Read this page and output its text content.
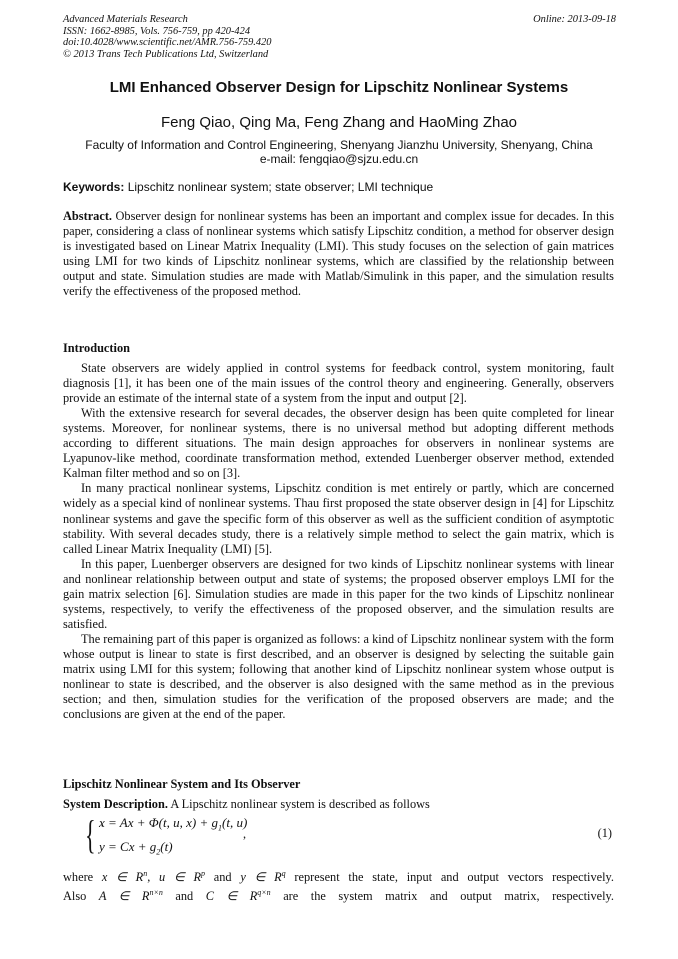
Advanced Materials Research
ISSN: 1662-8985, Vols. 756-759, pp 420-424
doi:10.4028/www.scientific.net/AMR.756-759.420
© 2013 Trans Tech Publications Ltd, Switzerland
Online: 2013-09-18
LMI Enhanced Observer Design for Lipschitz Nonlinear Systems
Feng Qiao, Qing Ma, Feng Zhang and HaoMing Zhao
Faculty of Information and Control Engineering, Shenyang Jianzhu University, Shenyang, China
e-mail: fengqiao@sjzu.edu.cn
Keywords: Lipschitz nonlinear system; state observer; LMI technique

Abstract. Observer design for nonlinear systems has been an important and complex issue for decades. In this paper, considering a class of nonlinear systems which satisfy Lipschitz condition, a method for observer design is investigated based on Linear Matrix Inequality (LMI). This study focuses on the selection of gain matrices using LMI for two kinds of Lipschitz nonlinear systems, which are classified by the relationship between output and state. Simulation studies are made with Matlab/Simulink in this paper, and the simulation results verify the effectiveness of the proposed method.

Introduction

State observers are widely applied in control systems for feedback control, system monitoring, fault diagnosis [1], it has been one of the main issues of the control theory and engineering. Generally, observers provide an estimate of the internal state of a system from the input and output [2].

With the extensive research for several decades, the observer design has been quite completed for linear systems. Moreover, for nonlinear systems, there is no universal method but adopting different methods according to different situations. The main design approaches for observers in nonlinear systems are Lyapunov-like method, coordinate transformation method, extended Luenberger observer method, extended Kalman filter method and so on [3].

In many practical nonlinear systems, Lipschitz condition is met entirely or partly, which are concerned widely as a special kind of nonlinear systems. Thau first proposed the state observer design in [4] for Lipschitz nonlinear systems and gave the specific form of this observer as well as the sufficient condition of asymptotic stability. With several decades study, there is a relatively simple method to select the gain matrix, which is called Linear Matrix Inequality (LMI) [5].

In this paper, Luenberger observers are designed for two kinds of Lipschitz nonlinear systems with linear and nonlinear relationship between output and state of systems; the proposed observer employs LMI for the gain matrix selection [6]. Simulation studies are made in this paper for the two kinds of Lipschitz nonlinear systems, respectively, to verify the effectiveness of the proposed observer, and the simulation results are satisfied.

The remaining part of this paper is organized as follows: a kind of Lipschitz nonlinear system with the form whose output is linear to state is first described, and an observer is designed by selecting the suitable gain matrix using LMI for this system; following that another kind of Lipschitz nonlinear system whose output is nonlinear to state is described, and the observer is also designed with the same method as in the previous section; and then, simulation studies for the verification of the proposed observers are made; and the conclusions are given at the end of the paper.

Lipschitz Nonlinear System and Its Observer

System Description. A Lipschitz nonlinear system is described as follows

{ x = Ax + Φ(t, u, $x) + g_1(t$, u)
,
$y = Cx + g_2(t)$
(1)

where x ∈ $R^n$, u ∈ $R^p$ and y ∈ $R^q$ represent the state, input and output vectors respectively.

Also A ∈ $R^{n\times n}$ and C ∈ $R^{q\times n}$ are the system matrix and output matrix, respectively.
